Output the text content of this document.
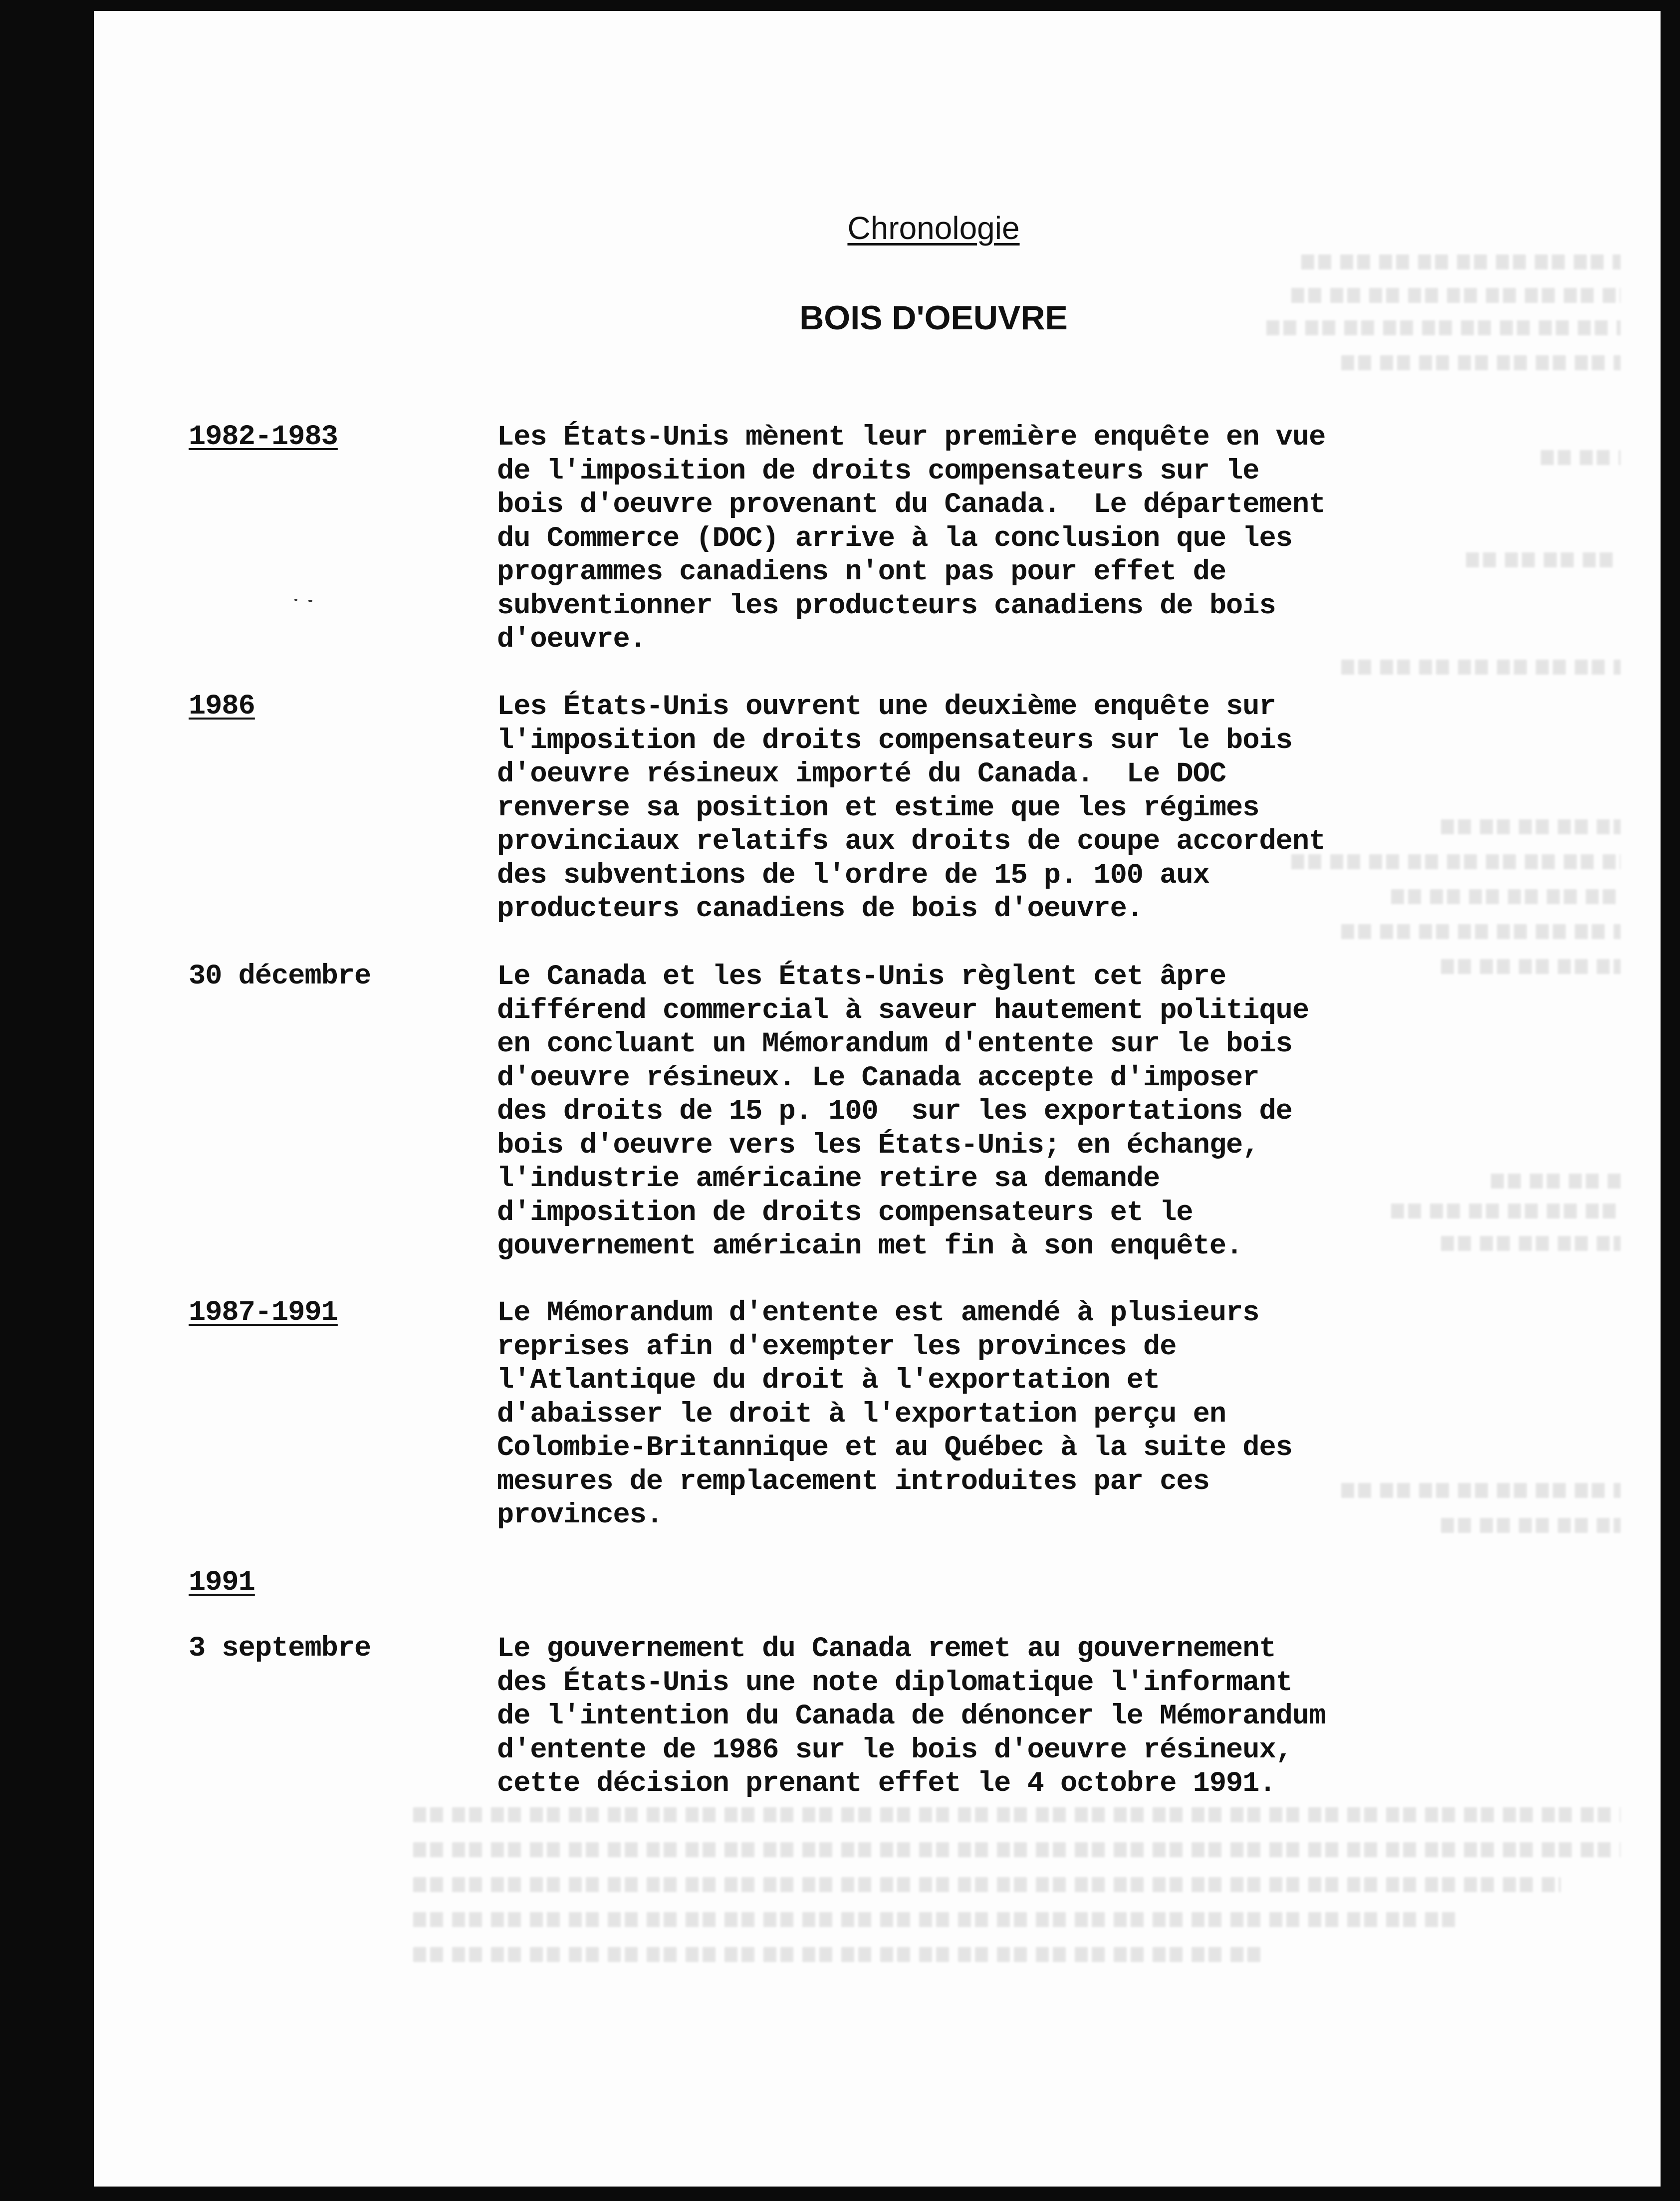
Chronologie
BOIS D'OEUVRE
1982-1983	Les États-Unis mènent leur première enquête en vue
de l'imposition de droits compensateurs sur le
bois d'oeuvre provenant du Canada.  Le département
du Commerce (DOC) arrive à la conclusion que les
programmes canadiens n'ont pas pour effet de
subventionner les producteurs canadiens de bois
d'oeuvre.
1986	Les États-Unis ouvrent une deuxième enquête sur
l'imposition de droits compensateurs sur le bois
d'oeuvre résineux importé du Canada.  Le DOC
renverse sa position et estime que les régimes
provinciaux relatifs aux droits de coupe accordent
des subventions de l'ordre de 15 p. 100 aux
producteurs canadiens de bois d'oeuvre.
30 décembre	Le Canada et les États-Unis règlent cet âpre
différend commercial à saveur hautement politique
en concluant un Mémorandum d'entente sur le bois
d'oeuvre résineux. Le Canada accepte d'imposer
des droits de 15 p. 100  sur les exportations de
bois d'oeuvre vers les États-Unis; en échange,
l'industrie américaine retire sa demande
d'imposition de droits compensateurs et le
gouvernement américain met fin à son enquête.
1987-1991	Le Mémorandum d'entente est amendé à plusieurs
reprises afin d'exempter les provinces de
l'Atlantique du droit à l'exportation et
d'abaisser le droit à l'exportation perçu en
Colombie-Britannique et au Québec à la suite des
mesures de remplacement introduites par ces
provinces.
1991
3 septembre	Le gouvernement du Canada remet au gouvernement
des États-Unis une note diplomatique l'informant
de l'intention du Canada de dénoncer le Mémorandum
d'entente de 1986 sur le bois d'oeuvre résineux,
cette décision prenant effet le 4 octobre 1991.
